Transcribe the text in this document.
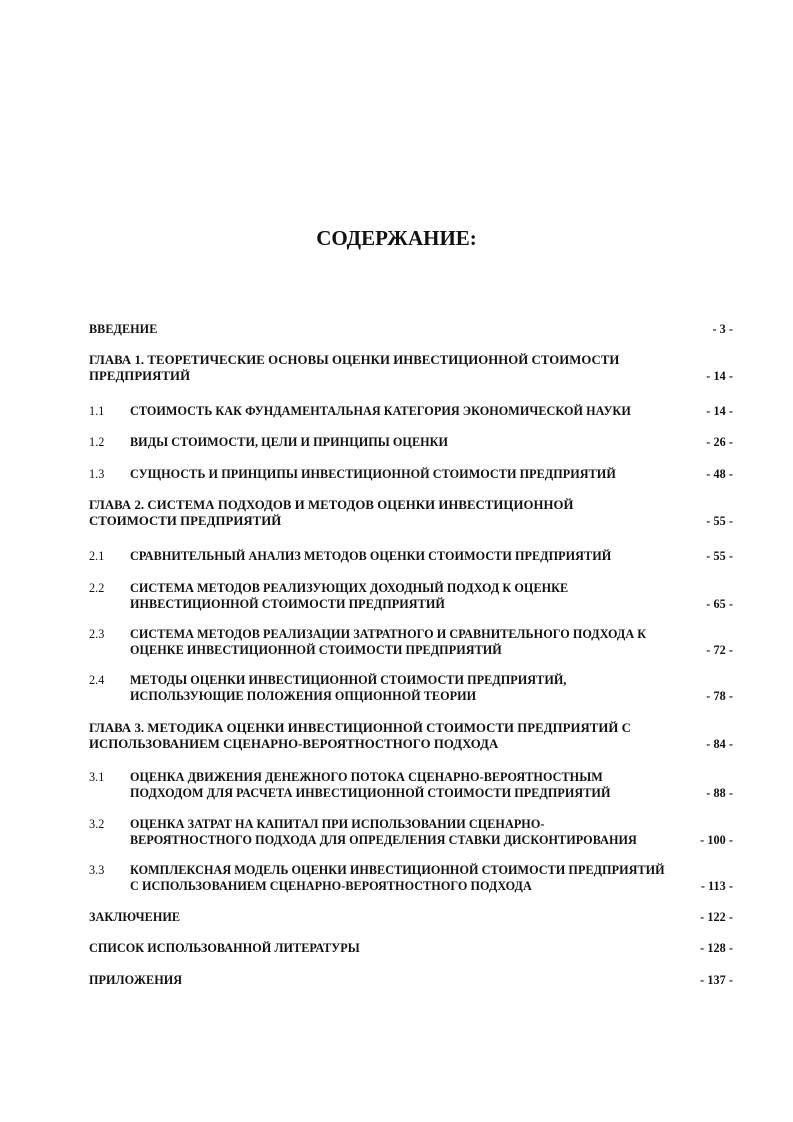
СОДЕРЖАНИЕ:
ВВЕДЕНИЕ	- 3 -
ГЛАВА 1. ТЕОРЕТИЧЕСКИЕ ОСНОВЫ ОЦЕНКИ ИНВЕСТИЦИОННОЙ СТОИМОСТИ
ПРЕДПРИЯТИЙ	- 14 -
1.1 СТОИМОСТЬ КАК ФУНДАМЕНТАЛЬНАЯ КАТЕГОРИЯ ЭКОНОМИЧЕСКОЙ НАУКИ	- 14 -
1.2 ВИДЫ СТОИМОСТИ, ЦЕЛИ И ПРИНЦИПЫ ОЦЕНКИ	- 26 -
1.3 СУЩНОСТЬ И ПРИНЦИПЫ ИНВЕСТИЦИОННОЙ СТОИМОСТИ ПРЕДПРИЯТИЙ	- 48 -
ГЛАВА 2. СИСТЕМА ПОДХОДОВ И МЕТОДОВ ОЦЕНКИ ИНВЕСТИЦИОННОЙ
СТОИМОСТИ ПРЕДПРИЯТИЙ	- 55 -
2.1 СРАВНИТЕЛЬНЫЙ АНАЛИЗ МЕТОДОВ ОЦЕНКИ СТОИМОСТИ ПРЕДПРИЯТИЙ	- 55 -
2.2 СИСТЕМА МЕТОДОВ РЕАЛИЗУЮЩИХ ДОХОДНЫЙ ПОДХОД К ОЦЕНКЕ
ИНВЕСТИЦИОННОЙ СТОИМОСТИ ПРЕДПРИЯТИЙ	- 65 -
2.3 СИСТЕМА МЕТОДОВ РЕАЛИЗАЦИИ ЗАТРАТНОГО И СРАВНИТЕЛЬНОГО ПОДХОДА К
ОЦЕНКЕ ИНВЕСТИЦИОННОЙ СТОИМОСТИ ПРЕДПРИЯТИЙ	- 72 -
2.4 МЕТОДЫ ОЦЕНКИ ИНВЕСТИЦИОННОЙ СТОИМОСТИ ПРЕДПРИЯТИЙ,
ИСПОЛЬЗУЮЩИЕ ПОЛОЖЕНИЯ ОПЦИОННОЙ ТЕОРИИ	- 78 -
ГЛАВА 3. МЕТОДИКА ОЦЕНКИ ИНВЕСТИЦИОННОЙ СТОИМОСТИ ПРЕДПРИЯТИЙ С
ИСПОЛЬЗОВАНИЕМ СЦЕНАРНО-ВЕРОЯТНОСТНОГО ПОДХОДА	- 84 -
3.1 ОЦЕНКА ДВИЖЕНИЯ ДЕНЕЖНОГО ПОТОКА СЦЕНАРНО-ВЕРОЯТНОСТНЫМ
ПОДХОДОМ ДЛЯ РАСЧЕТА ИНВЕСТИЦИОННОЙ СТОИМОСТИ ПРЕДПРИЯТИЙ	- 88 -
3.2 ОЦЕНКА ЗАТРАТ НА КАПИТАЛ ПРИ ИСПОЛЬЗОВАНИИ СЦЕНАРНО-
ВЕРОЯТНОСТНОГО ПОДХОДА ДЛЯ ОПРЕДЕЛЕНИЯ СТАВКИ ДИСКОНТИРОВАНИЯ	- 100 -
3.3 КОМПЛЕКСНАЯ МОДЕЛЬ ОЦЕНКИ ИНВЕСТИЦИОННОЙ СТОИМОСТИ ПРЕДПРИЯТИЙ
С ИСПОЛЬЗОВАНИЕМ СЦЕНАРНО-ВЕРОЯТНОСТНОГО ПОДХОДА	- 113 -
ЗАКЛЮЧЕНИЕ	- 122 -
СПИСОК ИСПОЛЬЗОВАННОЙ ЛИТЕРАТУРЫ	- 128 -
ПРИЛОЖЕНИЯ	- 137 -
